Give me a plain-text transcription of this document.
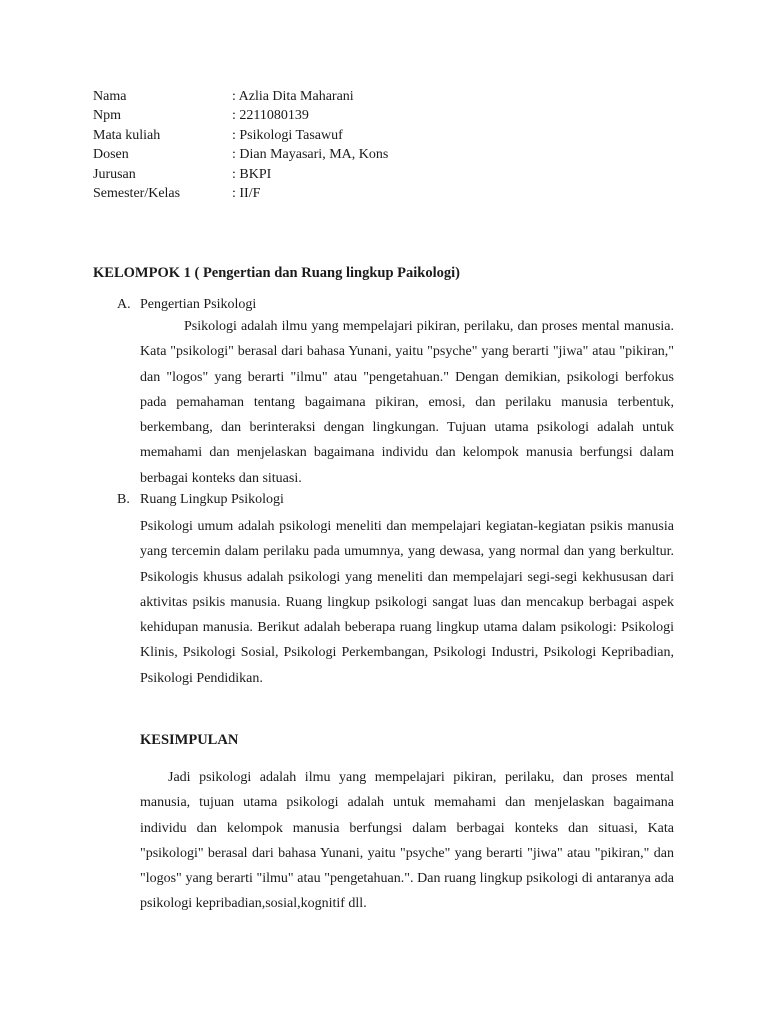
Nama	: Azlia Dita Maharani
Npm	: 2211080139
Mata kuliah	: Psikologi Tasawuf
Dosen	: Dian Mayasari, MA, Kons
Jurusan	: BKPI
Semester/Kelas	: II/F
KELOMPOK 1 ( Pengertian dan Ruang lingkup Paikologi)
A. Pengertian Psikologi
Psikologi adalah ilmu yang mempelajari pikiran, perilaku, dan proses mental manusia. Kata "psikologi" berasal dari bahasa Yunani, yaitu "psyche" yang berarti "jiwa" atau "pikiran," dan "logos" yang berarti "ilmu" atau "pengetahuan." Dengan demikian, psikologi berfokus pada pemahaman tentang bagaimana pikiran, emosi, dan perilaku manusia terbentuk, berkembang, dan berinteraksi dengan lingkungan. Tujuan utama psikologi adalah untuk memahami dan menjelaskan bagaimana individu dan kelompok manusia berfungsi dalam berbagai konteks dan situasi.
B. Ruang Lingkup Psikologi
Psikologi umum adalah psikologi meneliti dan mempelajari kegiatan-kegiatan psikis manusia yang tercemin dalam perilaku pada umumnya, yang dewasa, yang normal dan yang berkultur. Psikologis khusus adalah psikologi yang meneliti dan mempelajari segi-segi kekhususan dari aktivitas psikis manusia. Ruang lingkup psikologi sangat luas dan mencakup berbagai aspek kehidupan manusia. Berikut adalah beberapa ruang lingkup utama dalam psikologi: Psikologi Klinis, Psikologi Sosial, Psikologi Perkembangan, Psikologi Industri, Psikologi Kepribadian, Psikologi Pendidikan.
KESIMPULAN
Jadi psikologi adalah ilmu yang mempelajari pikiran, perilaku, dan proses mental manusia, tujuan utama psikologi adalah untuk memahami dan menjelaskan bagaimana individu dan kelompok manusia berfungsi dalam berbagai konteks dan situasi, Kata "psikologi" berasal dari bahasa Yunani, yaitu "psyche" yang berarti "jiwa" atau "pikiran," dan "logos" yang berarti "ilmu" atau "pengetahuan.". Dan ruang lingkup psikologi di antaranya ada psikologi kepribadian,sosial,kognitif dll.
